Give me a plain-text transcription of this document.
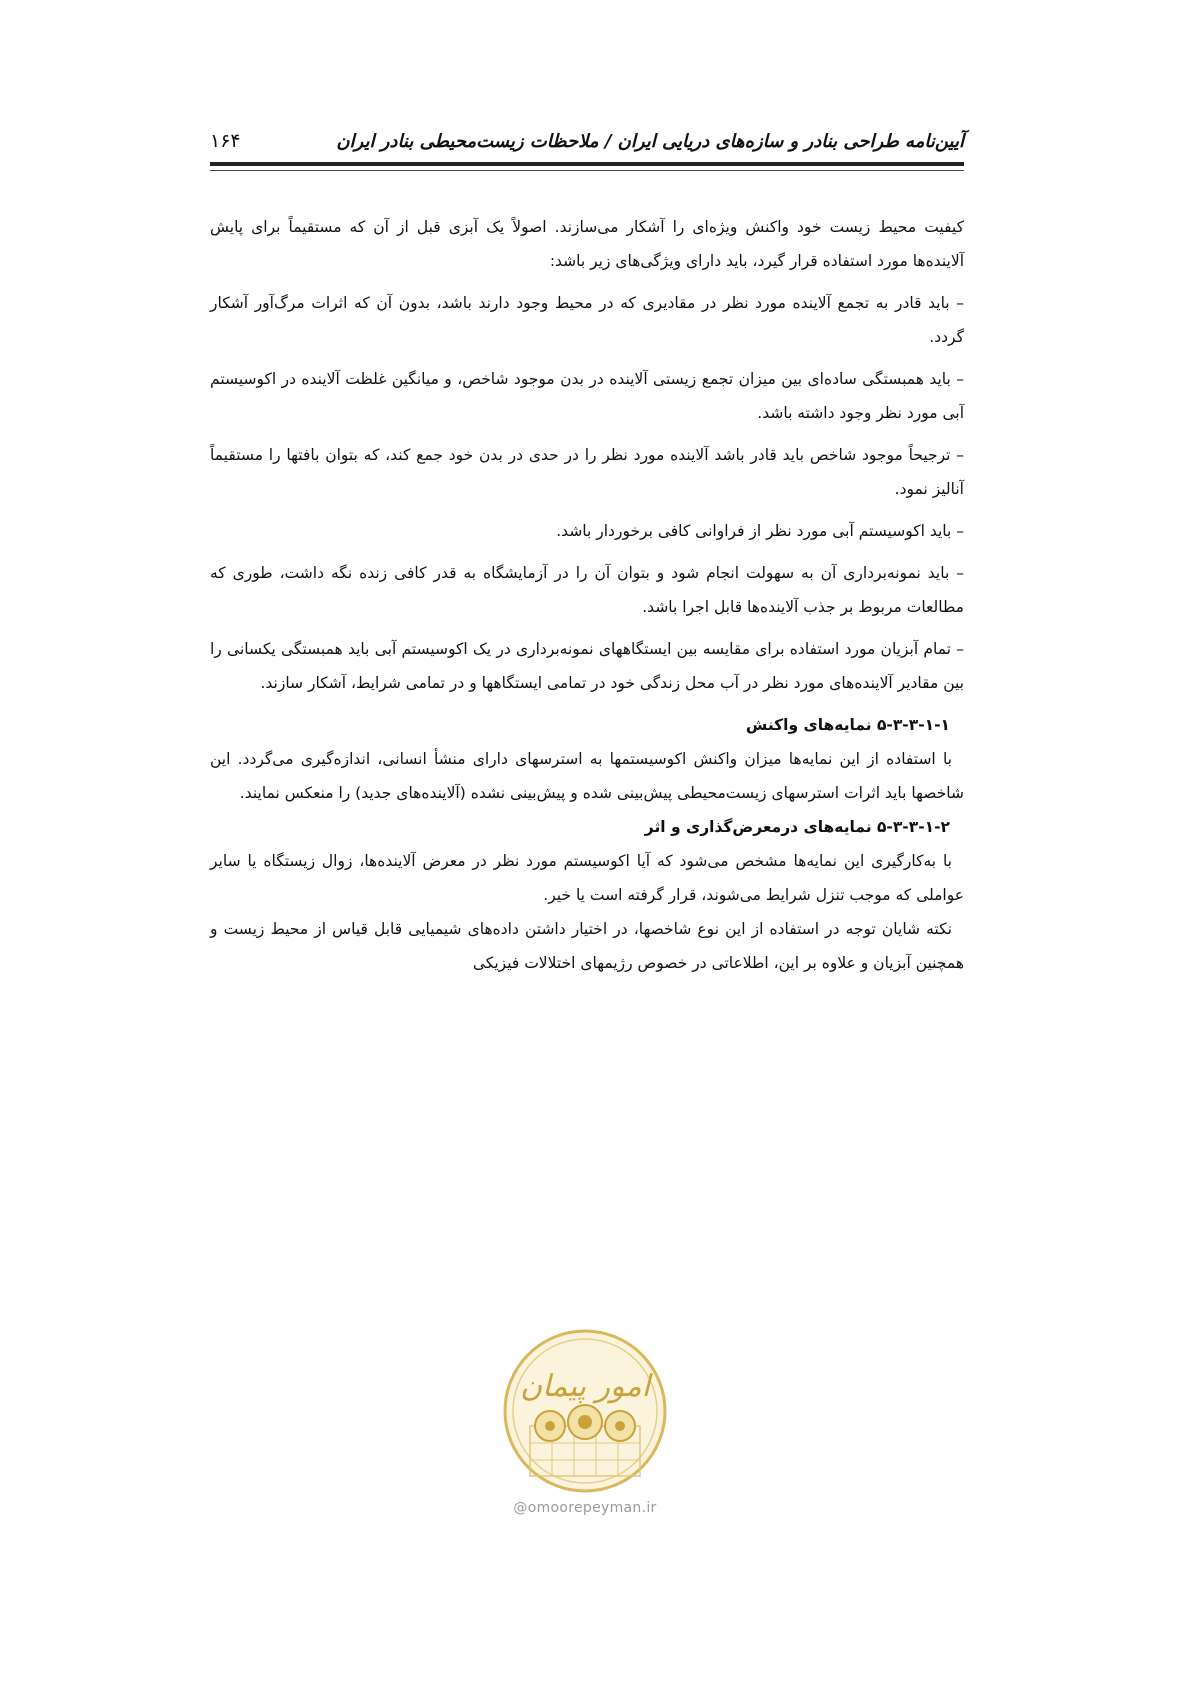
آیین‌نامه طراحی بنادر و سازه‌های دریایی ایران / ملاحظات زیست‌محیطی بنادر ایران
۱۶۴

کیفیت محیط زیست خود واکنش ویژه‌ای را آشکار می‌سازند. اصولاً یک آبزی قبل از آن که مستقیماً برای پایش آلاینده‌ها مورد استفاده قرار گیرد، باید دارای ویژگی‌های زیر باشد:

– باید قادر به تجمع آلاینده مورد نظر در مقادیری که در محیط وجود دارند باشد، بدون آن که اثرات مرگ‌آور آشکار گردد.

– باید همبستگی ساده‌ای بین میزان تجمع زیستی آلاینده در بدن موجود شاخص، و میانگین غلظت آلاینده در اکوسیستم آبی مورد نظر وجود داشته باشد.

– ترجیحاً موجود شاخص باید قادر باشد آلاینده مورد نظر را در حدی در بدن خود جمع کند، که بتوان بافتها را مستقیماً آنالیز نمود.

– باید اکوسیستم آبی مورد نظر از فراوانی کافی برخوردار باشد.

– باید نمونه‌برداری آن به سهولت انجام شود و بتوان آن را در آزمایشگاه به قدر کافی زنده نگه داشت، طوری که مطالعات مربوط بر جذب آلاینده‌ها قابل اجرا باشد.

– تمام آبزیان مورد استفاده برای مقایسه بین ایستگاههای نمونه‌برداری در یک اکوسیستم آبی باید همبستگی یکسانی را بین مقادیر آلاینده‌های مورد نظر در آب محل زندگی خود در تمامی ایستگاهها و در تمامی شرایط، آشکار سازند.

۵-۳-۳-۱-۱ نمایه‌های واکنش

با استفاده از این نمایه‌ها میزان واکنش اکوسیستمها به استرسهای دارای منشأ انسانی، اندازه‌گیری می‌گردد. این شاخصها باید اثرات استرسهای زیست‌محیطی پیش‌بینی شده و پیش‌بینی نشده (آلاینده‌های جدید) را منعکس نمایند.

۵-۳-۳-۱-۲ نمایه‌های درمعرض‌گذاری و اثر

با به‌کارگیری این نمایه‌ها مشخص می‌شود که آیا اکوسیستم مورد نظر در معرض آلاینده‌ها، زوال زیستگاه یا سایر عواملی که موجب تنزل شرایط می‌شوند، قرار گرفته است یا خیر.

نکته شایان توجه در استفاده از این نوع شاخصها، در اختیار داشتن داده‌های شیمیایی قابل قیاس از محیط زیست و همچنین آبزیان و علاوه بر این، اطلاعاتی در خصوص رژیمهای اختلالات فیزیکی

امور پیمان
@omoorepeyman.ir
